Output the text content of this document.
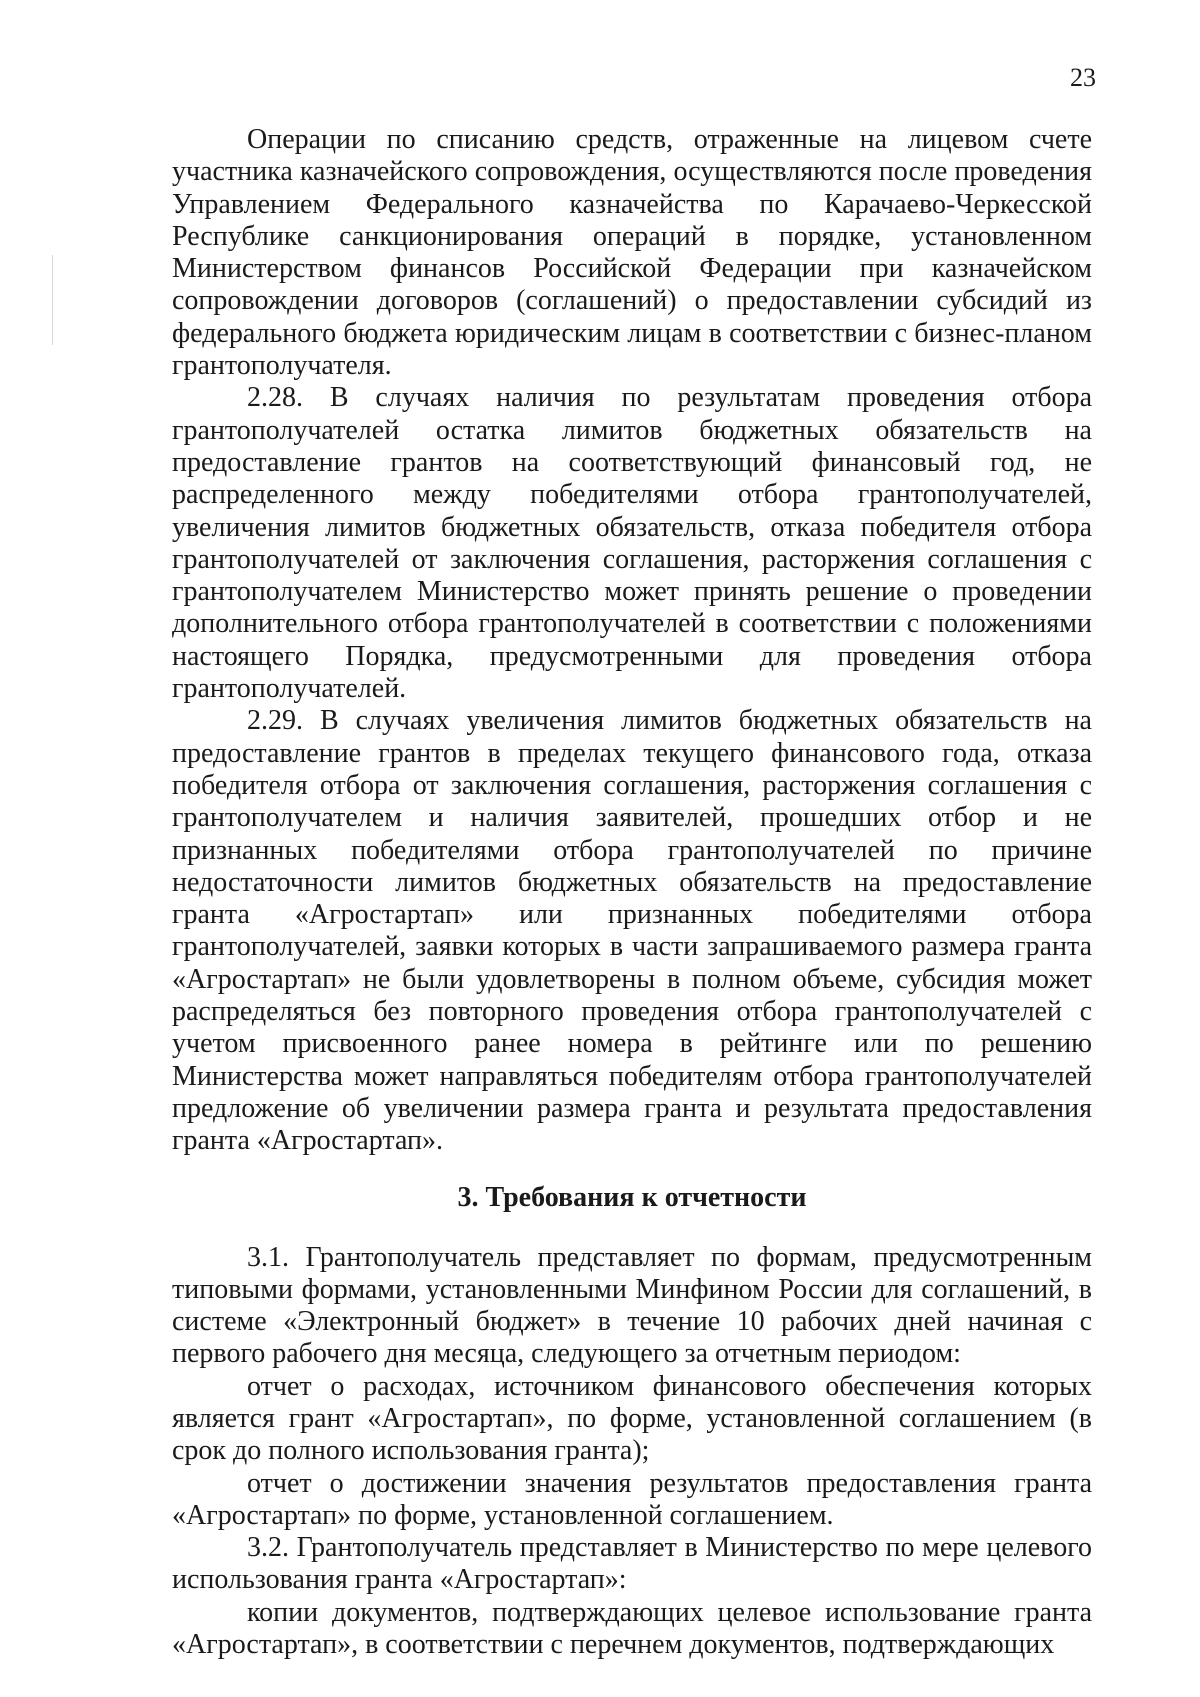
23

Операции по списанию средств, отраженные на лицевом счете участника казначейского сопровождения, осуществляются после проведения Управлением Федерального казначейства по Карачаево-Черкесской Республике санкционирования операций в порядке, установленном Министерством финансов Российской Федерации при казначейском сопровождении договоров (соглашений) о предоставлении субсидий из федерального бюджета юридическим лицам в соответствии с бизнес-планом грантополучателя.

2.28. В случаях наличия по результатам проведения отбора грантополучателей остатка лимитов бюджетных обязательств на предоставление грантов на соответствующий финансовый год, не распределенного между победителями отбора грантополучателей, увеличения лимитов бюджетных обязательств, отказа победителя отбора грантополучателей от заключения соглашения, расторжения соглашения с грантополучателем Министерство может принять решение о проведении дополнительного отбора грантополучателей в соответствии с положениями настоящего Порядка, предусмотренными для проведения отбора грантополучателей.

2.29. В случаях увеличения лимитов бюджетных обязательств на предоставление грантов в пределах текущего финансового года, отказа победителя отбора от заключения соглашения, расторжения соглашения с грантополучателем и наличия заявителей, прошедших отбор и не признанных победителями отбора грантополучателей по причине недостаточности лимитов бюджетных обязательств на предоставление гранта «Агростартап» или признанных победителями отбора грантополучателей, заявки которых в части запрашиваемого размера гранта «Агростартап» не были удовлетворены в полном объеме, субсидия может распределяться без повторного проведения отбора грантополучателей с учетом присвоенного ранее номера в рейтинге или по решению Министерства может направляться победителям отбора грантополучателей предложение об увеличении размера гранта и результата предоставления гранта «Агростартап».

3. Требования к отчетности

3.1. Грантополучатель представляет по формам, предусмотренным типовыми формами, установленными Минфином России для соглашений, в системе «Электронный бюджет» в течение 10 рабочих дней начиная с первого рабочего дня месяца, следующего за отчетным периодом:

отчет о расходах, источником финансового обеспечения которых является грант «Агростартап», по форме, установленной соглашением (в срок до полного использования гранта);

отчет о достижении значения результатов предоставления гранта «Агростартап» по форме, установленной соглашением.

3.2. Грантополучатель представляет в Министерство по мере целевого использования гранта «Агростартап»:

копии документов, подтверждающих целевое использование гранта «Агростартап», в соответствии с перечнем документов, подтверждающих
